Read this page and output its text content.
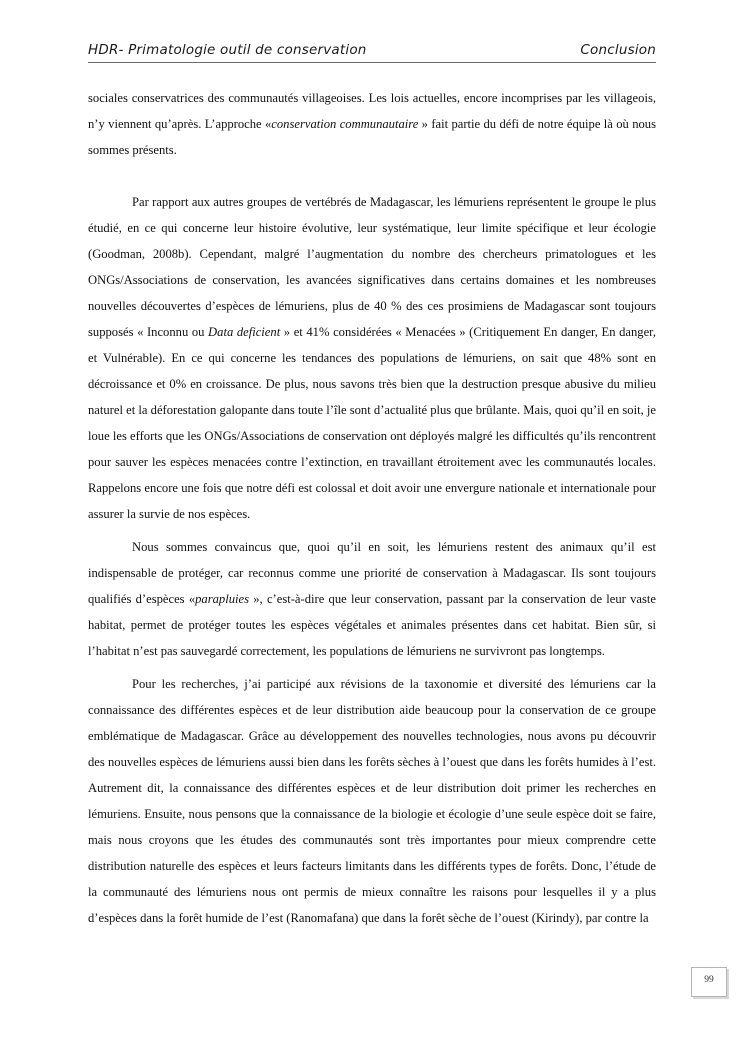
HDR- Primatologie outil de conservation	Conclusion

sociales conservatrices des communautés villageoises. Les lois actuelles, encore incomprises par les villageois, n’y viennent qu’après. L’approche «conservation communautaire » fait partie du défi de notre équipe là où nous sommes présents.

Par rapport aux autres groupes de vertébrés de Madagascar, les lémuriens représentent le groupe le plus étudié, en ce qui concerne leur histoire évolutive, leur systématique, leur limite spécifique et leur écologie (Goodman, 2008b). Cependant, malgré l’augmentation du nombre des chercheurs primatologues et les ONGs/Associations de conservation, les avancées significatives dans certains domaines et les nombreuses nouvelles découvertes d’espèces de lémuriens, plus de 40 % des ces prosimiens de Madagascar sont toujours supposés « Inconnu ou Data deficient » et 41% considérées « Menacées » (Critiquement En danger, En danger, et Vulnérable). En ce qui concerne les tendances des populations de lémuriens, on sait que 48% sont en décroissance et 0% en croissance. De plus, nous savons très bien que la destruction presque abusive du milieu naturel et la déforestation galopante dans toute l’île sont d’actualité plus que brûlante. Mais, quoi qu’il en soit, je loue les efforts que les ONGs/Associations de conservation ont déployés malgré les difficultés qu’ils rencontrent pour sauver les espèces menacées contre l’extinction, en travaillant étroitement avec les communautés locales. Rappelons encore une fois que notre défi est colossal et doit avoir une envergure nationale et internationale pour assurer la survie de nos espèces.

Nous sommes convaincus que, quoi qu’il en soit, les lémuriens restent des animaux qu’il est indispensable de protéger, car reconnus comme une priorité de conservation à Madagascar. Ils sont toujours qualifiés d’espèces «parapluies », c’est-à-dire que leur conservation, passant par la conservation de leur vaste habitat, permet de protéger toutes les espèces végétales et animales présentes dans cet habitat. Bien sûr, si l’habitat n’est pas sauvegardé correctement, les populations de lémuriens ne survivront pas longtemps.

Pour les recherches, j’ai participé aux révisions de la taxonomie et diversité des lémuriens car la connaissance des différentes espèces et de leur distribution aide beaucoup pour la conservation de ce groupe emblématique de Madagascar. Grâce au développement des nouvelles technologies, nous avons pu découvrir des nouvelles espèces de lémuriens aussi bien dans les forêts sèches à l’ouest que dans les forêts humides à l’est. Autrement dit, la connaissance des différentes espèces et de leur distribution doit primer les recherches en lémuriens. Ensuite, nous pensons que la connaissance de la biologie et écologie d’une seule espèce doit se faire, mais nous croyons que les études des communautés sont très importantes pour mieux comprendre cette distribution naturelle des espèces et leurs facteurs limitants dans les différents types de forêts. Donc, l’étude de la communauté des lémuriens nous ont permis de mieux connaître les raisons pour lesquelles il y a plus d’espèces dans la forêt humide de l’est (Ranomafana) que dans la forêt sèche de l’ouest (Kirindy), par contre la

99
